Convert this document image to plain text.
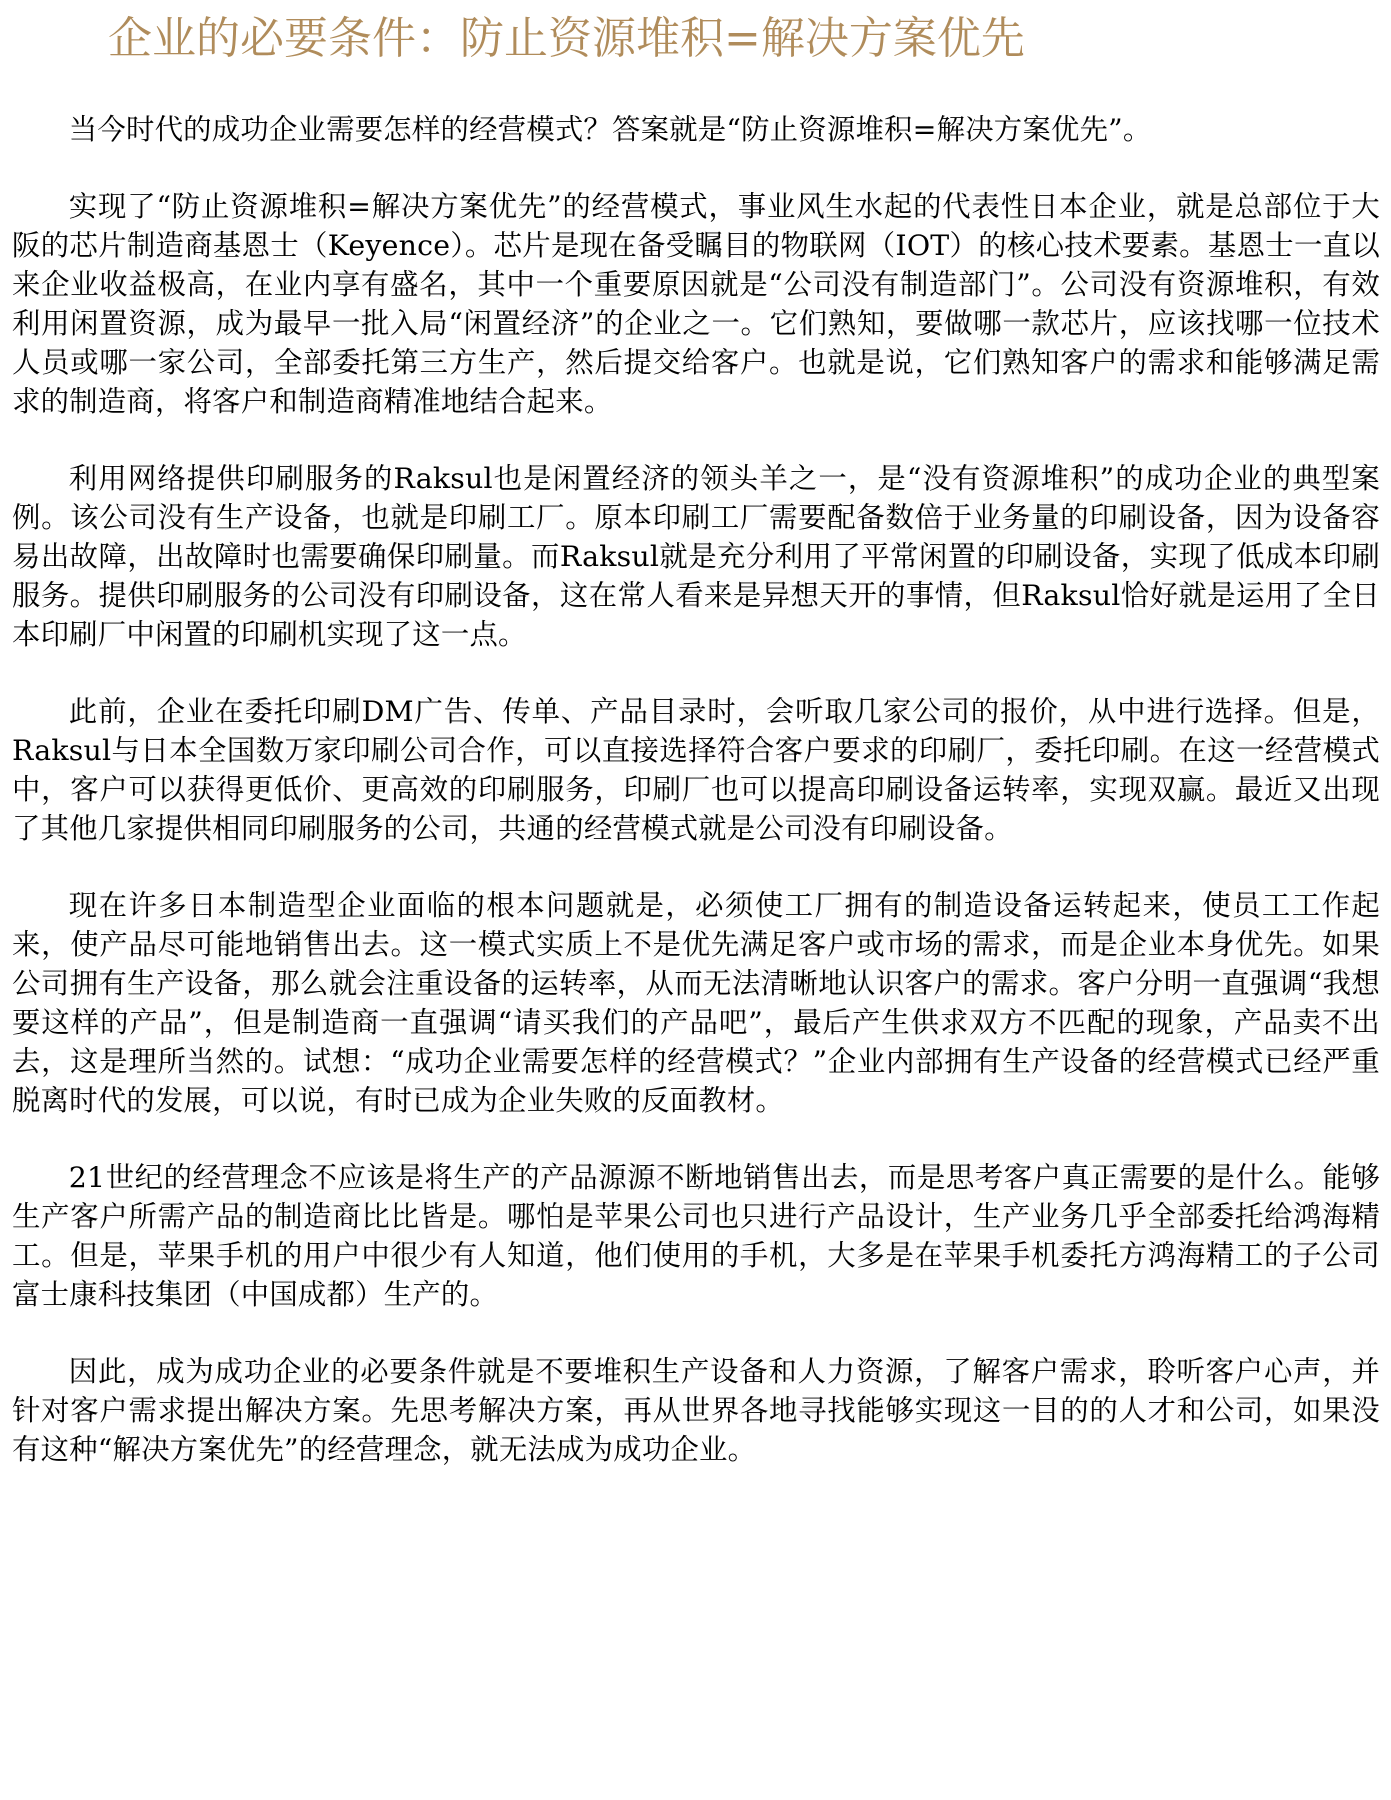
企业的必要条件：防止资源堆积=解决方案优先

当今时代的成功企业需要怎样的经营模式？答案就是“防止资源堆积=解决方案优先”。

实现了“防止资源堆积=解决方案优先”的经营模式，事业风生水起的代表性日本企业，就是总部位于大阪的芯片制造商基恩士（Keyence）。芯片是现在备受瞩目的物联网（IOT）的核心技术要素。基恩士一直以来企业收益极高，在业内享有盛名，其中一个重要原因就是“公司没有制造部门”。公司没有资源堆积，有效利用闲置资源，成为最早一批入局“闲置经济”的企业之一。它们熟知，要做哪一款芯片，应该找哪一位技术人员或哪一家公司，全部委托第三方生产，然后提交给客户。也就是说，它们熟知客户的需求和能够满足需求的制造商，将客户和制造商精准地结合起来。

利用网络提供印刷服务的Raksul也是闲置经济的领头羊之一，是“没有资源堆积”的成功企业的典型案例。该公司没有生产设备，也就是印刷工厂。原本印刷工厂需要配备数倍于业务量的印刷设备，因为设备容易出故障，出故障时也需要确保印刷量。而Raksul就是充分利用了平常闲置的印刷设备，实现了低成本印刷服务。提供印刷服务的公司没有印刷设备，这在常人看来是异想天开的事情，但Raksul恰好就是运用了全日本印刷厂中闲置的印刷机实现了这一点。

此前，企业在委托印刷DM广告、传单、产品目录时，会听取几家公司的报价，从中进行选择。但是，Raksul与日本全国数万家印刷公司合作，可以直接选择符合客户要求的印刷厂，委托印刷。在这一经营模式中，客户可以获得更低价、更高效的印刷服务，印刷厂也可以提高印刷设备运转率，实现双赢。最近又出现了其他几家提供相同印刷服务的公司，共通的经营模式就是公司没有印刷设备。

现在许多日本制造型企业面临的根本问题就是，必须使工厂拥有的制造设备运转起来，使员工工作起来，使产品尽可能地销售出去。这一模式实质上不是优先满足客户或市场的需求，而是企业本身优先。如果公司拥有生产设备，那么就会注重设备的运转率，从而无法清晰地认识客户的需求。客户分明一直强调“我想要这样的产品”，但是制造商一直强调“请买我们的产品吧”，最后产生供求双方不匹配的现象，产品卖不出去，这是理所当然的。试想：“成功企业需要怎样的经营模式？”企业内部拥有生产设备的经营模式已经严重脱离时代的发展，可以说，有时已成为企业失败的反面教材。

21世纪的经营理念不应该是将生产的产品源源不断地销售出去，而是思考客户真正需要的是什么。能够生产客户所需产品的制造商比比皆是。哪怕是苹果公司也只进行产品设计，生产业务几乎全部委托给鸿海精工。但是，苹果手机的用户中很少有人知道，他们使用的手机，大多是在苹果手机委托方鸿海精工的子公司富士康科技集团（中国成都）生产的。

因此，成为成功企业的必要条件就是不要堆积生产设备和人力资源，了解客户需求，聆听客户心声，并针对客户需求提出解决方案。先思考解决方案，再从世界各地寻找能够实现这一目的的人才和公司，如果没有这种“解决方案优先”的经营理念，就无法成为成功企业。
